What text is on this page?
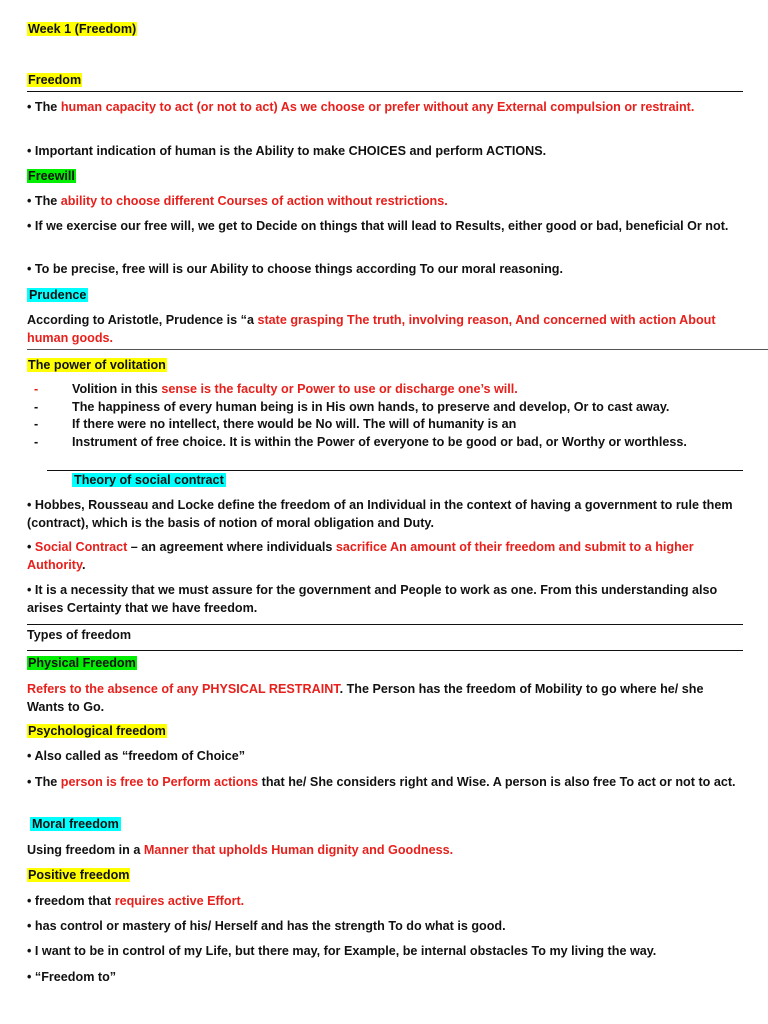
Week 1 (Freedom)
Freedom
• The human capacity to act (or not to act) As we choose or prefer without any External compulsion or restraint.
• Important indication of human is the Ability to make CHOICES and perform ACTIONS.
Freewill
• The ability to choose different Courses of action without restrictions.
• If we exercise our free will, we get to Decide on things that will lead to Results, either good or bad, beneficial Or not.
• To be precise, free will is our Ability to choose things according To our moral reasoning.
Prudence
According to Aristotle, Prudence is “a state grasping The truth, involving reason, And concerned with action About human goods.
The power of volitation
-	Volition in this sense is the faculty or Power to use or discharge one’s will.
-	The happiness of every human being is in His own hands, to preserve and develop, Or to cast away.
-	If there were no intellect, there would be No will. The will of humanity is an
-	Instrument of free choice. It is within the Power of everyone to be good or bad, or Worthy or worthless.
Theory of social contract
• Hobbes, Rousseau and Locke define the freedom of an Individual in the context of having a government to rule them (contract), which is the basis of notion of moral obligation and Duty.
• Social Contract – an agreement where individuals sacrifice An amount of their freedom and submit to a higher Authority.
• It is a necessity that we must assure for the government and People to work as one. From this understanding also arises Certainty that we have freedom.
Types of freedom
Physical Freedom
Refers to the absence of any PHYSICAL RESTRAINT. The Person has the freedom of Mobility to go where he/ she Wants to Go.
Psychological freedom
• Also called as “freedom of Choice”
• The person is free to Perform actions that he/ She considers right and Wise. A person is also free To act or not to act.
Moral freedom
Using freedom in a Manner that upholds Human dignity and Goodness.
Positive freedom
• freedom that requires active Effort.
• has control or mastery of his/ Herself and has the strength To do what is good.
• I want to be in control of my Life, but there may, for Example, be internal obstacles To my living the way.
• “Freedom to”
